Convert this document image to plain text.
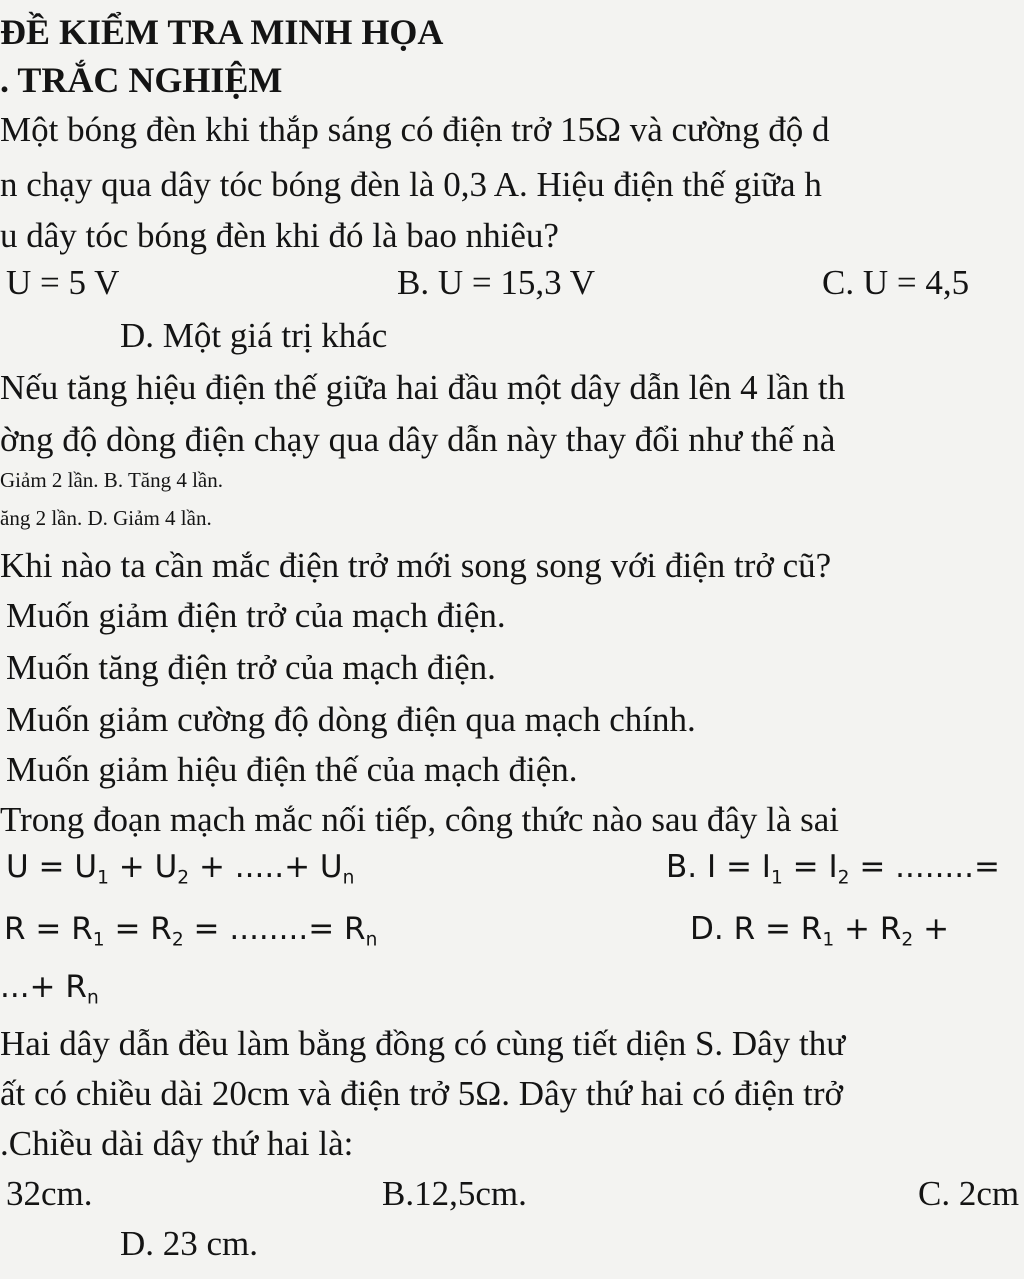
ĐỀ KIỂM TRA MINH HỌA
. TRẮC NGHIỆM
Một bóng đèn khi thắp sáng có điện trở 15Ω và cường độ d
n chạy qua dây tóc bóng đèn là 0,3 A. Hiệu điện thế giữa h
u dây tóc bóng đèn khi đó là bao nhiêu?
U = 5 V	B. U = 15,3 V	C. U = 4,5
D. Một giá trị khác
Nếu tăng hiệu điện thế giữa hai đầu một dây dẫn lên 4 lần th
ờng độ dòng điện chạy qua dây dẫn này thay đổi như thế nà
Giảm 2 lần. B. Tăng 4 lần.
ăng 2 lần. D. Giảm 4 lần.
Khi nào ta cần mắc điện trở mới song song với điện trở cũ?
Muốn giảm điện trở của mạch điện.
Muốn tăng điện trở của mạch điện.
Muốn giảm cường độ dòng điện qua mạch chính.
Muốn giảm hiệu điện thế của mạch điện.
Trong đoạn mạch mắc nối tiếp, công thức nào sau đây là sai
$U = U_1 + U_2$ + .....+ $U_n$	B. $I = I_1 = I_2$ = ........=
$R = R_1 = R_2$ = ........= $R_n$	D. $R = R_1 + R_2$ +
...+ $R_n$
Hai dây dẫn đều làm bằng đồng có cùng tiết diện S. Dây thư
ất có chiều dài 20cm và điện trở 5Ω. Dây thứ hai có điện trở
.Chiều dài dây thứ hai là:
32cm.	B.12,5cm.	C. 2cm
D. 23 cm.
